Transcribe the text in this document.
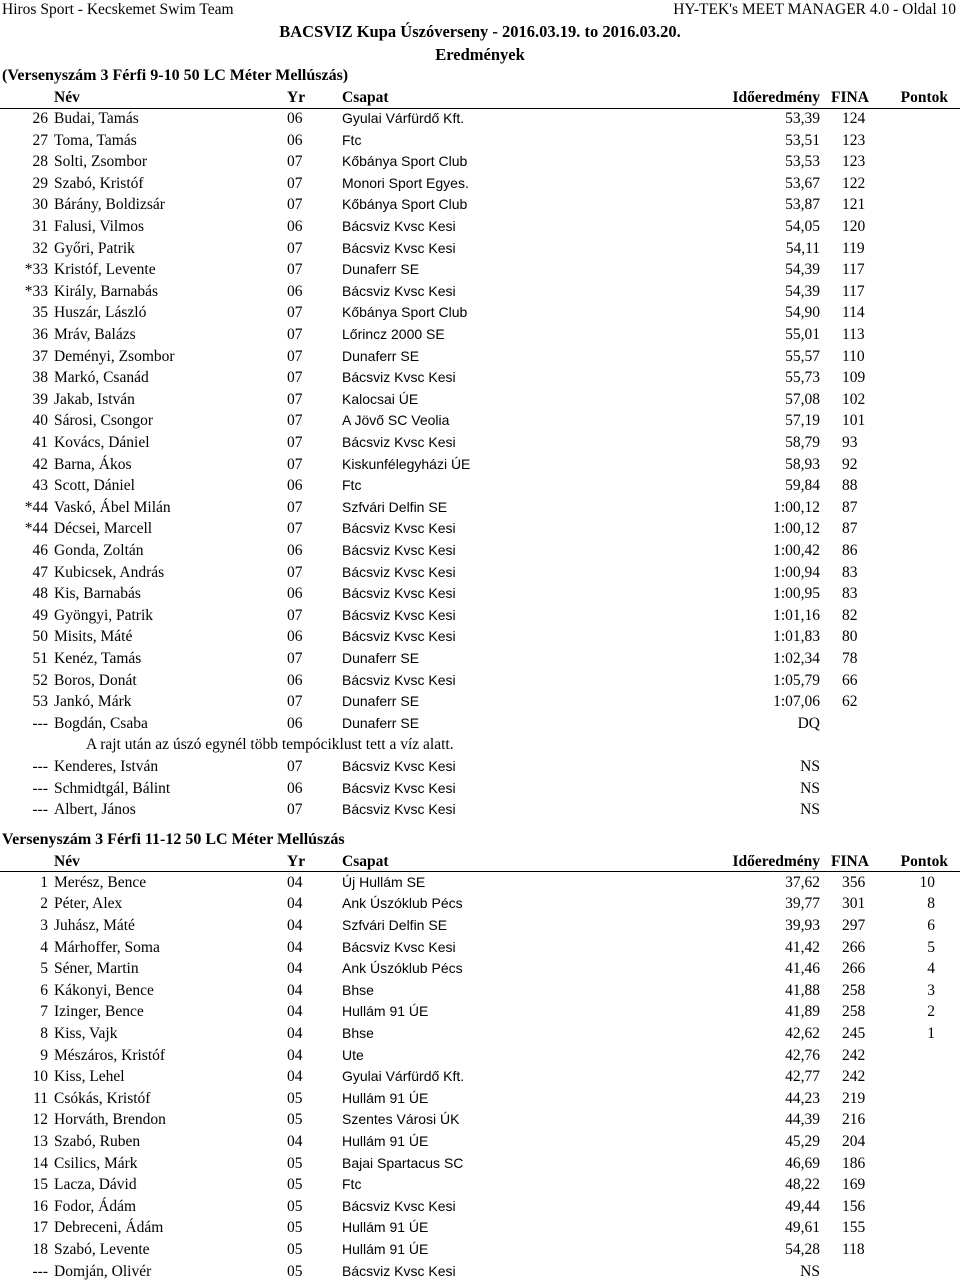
Hiros Sport - Kecskemet Swim Team	HY-TEK's MEET MANAGER 4.0 - Oldal 10
BACSVIZ Kupa Úszóverseny - 2016.03.19. to 2016.03.20.
Eredmények
(Versenyszám 3 Férfi 9-10 50 LC Méter Mellúszás)
Név	Yr Csapat	Időeredmény FINA	Pontok
26 Budai, Tamás	06	Gyulai Várfürdő Kft.	53,39 124
27 Toma, Tamás	06	Ftc	53,51 123
28 Solti, Zsombor	07	Kőbánya Sport Club	53,53 123
29 Szabó, Kristóf	07	Monori Sport Egyes.	53,67 122
30 Bárány, Boldizsár	07	Kőbánya Sport Club	53,87 121
31 Falusi, Vilmos	06	Bácsviz Kvsc Kesi	54,05 120
32 Győri, Patrik	07	Bácsviz Kvsc Kesi	54,11 119
*33 Kristóf, Levente	07	Dunaferr SE	54,39 117
*33 Király, Barnabás	06	Bácsviz Kvsc Kesi	54,39 117
35 Huszár, László	07	Kőbánya Sport Club	54,90 114
36 Mráv, Balázs	07	Lőrincz 2000 SE	55,01 113
37 Deményi, Zsombor	07	Dunaferr SE	55,57 110
38 Markó, Csanád	07	Bácsviz Kvsc Kesi	55,73 109
39 Jakab, István	07	Kalocsai ÚE	57,08 102
40 Sárosi, Csongor	07	A Jövő SC Veolia	57,19 101
41 Kovács, Dániel	07	Bácsviz Kvsc Kesi	58,79 93
42 Barna, Ákos	07	Kiskunfélegyházi ÚE	58,93 92
43 Scott, Dániel	06	Ftc	59,84 88
*44 Vaskó, Ábel Milán	07	Szfvári Delfin SE	1:00,12 87
*44 Décsei, Marcell	07	Bácsviz Kvsc Kesi	1:00,12 87
46 Gonda, Zoltán	06	Bácsviz Kvsc Kesi	1:00,42 86
47 Kubicsek, András	07	Bácsviz Kvsc Kesi	1:00,94 83
48 Kis, Barnabás	06	Bácsviz Kvsc Kesi	1:00,95 83
49 Gyöngyi, Patrik	07	Bácsviz Kvsc Kesi	1:01,16 82
50 Misits, Máté	06	Bácsviz Kvsc Kesi	1:01,83 80
51 Kenéz, Tamás	07	Dunaferr SE	1:02,34 78
52 Boros, Donát	06	Bácsviz Kvsc Kesi	1:05,79 66
53 Jankó, Márk	07	Dunaferr SE	1:07,06 62
--- Bogdán, Csaba	06	Dunaferr SE	DQ
A rajt után az úszó egynél több tempóciklust tett a víz alatt.
--- Kenderes, István	07	Bácsviz Kvsc Kesi	NS
--- Schmidtgál, Bálint	06	Bácsviz Kvsc Kesi	NS
--- Albert, János	07	Bácsviz Kvsc Kesi	NS
Versenyszám 3 Férfi 11-12 50 LC Méter Mellúszás
Név	Yr Csapat	Időeredmény FINA	Pontok
1 Merész, Bence	04	Új Hullám SE	37,62 356	10
2 Péter, Alex	04	Ank Úszóklub Pécs	39,77 301	8
3 Juhász, Máté	04	Szfvári Delfin SE	39,93 297	6
4 Márhoffer, Soma	04	Bácsviz Kvsc Kesi	41,42 266	5
5 Séner, Martin	04	Ank Úszóklub Pécs	41,46 266	4
6 Kákonyi, Bence	04	Bhse	41,88 258	3
7 Izinger, Bence	04	Hullám 91 ÚE	41,89 258	2
8 Kiss, Vajk	04	Bhse	42,62 245	1
9 Mészáros, Kristóf	04	Ute	42,76 242
10 Kiss, Lehel	04	Gyulai Várfürdő Kft.	42,77 242
11 Csókás, Kristóf	05	Hullám 91 ÚE	44,23 219
12 Horváth, Brendon	05	Szentes Városi ÚK	44,39 216
13 Szabó, Ruben	04	Hullám 91 ÚE	45,29 204
14 Csilics, Márk	05	Bajai Spartacus SC	46,69 186
15 Lacza, Dávid	05	Ftc	48,22 169
16 Fodor, Ádám	05	Bácsviz Kvsc Kesi	49,44 156
17 Debreceni, Ádám	05	Hullám 91 ÚE	49,61 155
18 Szabó, Levente	05	Hullám 91 ÚE	54,28 118
--- Domján, Olivér	05	Bácsviz Kvsc Kesi	NS
